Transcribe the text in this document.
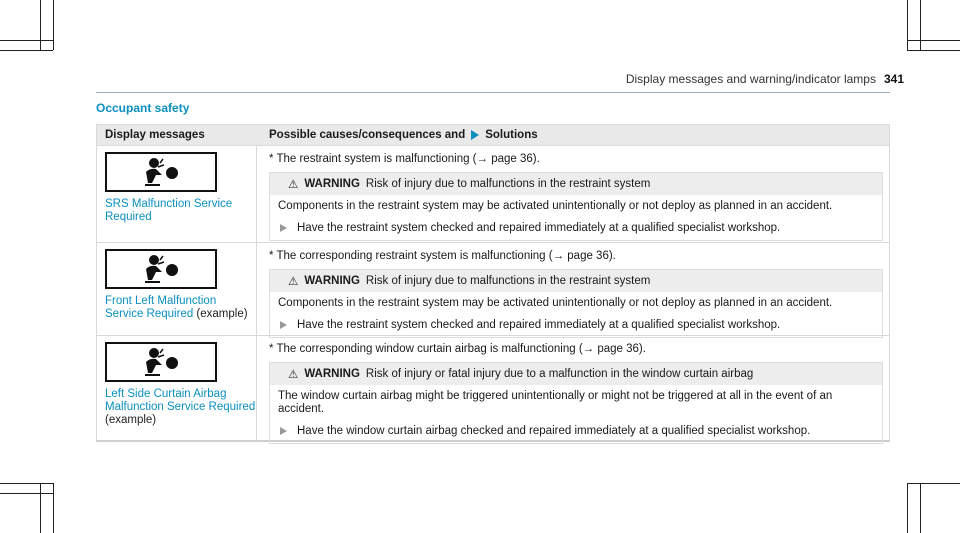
Display messages and warning/indicator lamps 341
Occupant safety
Display messages	Possible causes/consequences and Solutions
SRS Malfunction Service Required
* The restraint system is malfunctioning (→ page 36).
⚠ WARNING Risk of injury due to malfunctions in the restraint system
Components in the restraint system may be activated unintentionally or not deploy as planned in an accident.
Have the restraint system checked and repaired immediately at a qualified specialist workshop.
Front Left Malfunction Service Required (example)
* The corresponding restraint system is malfunctioning (→ page 36).
⚠ WARNING Risk of injury due to malfunctions in the restraint system
Components in the restraint system may be activated unintentionally or not deploy as planned in an accident.
Have the restraint system checked and repaired immediately at a qualified specialist workshop.
Left Side Curtain Airbag Malfunction Service Required (example)
* The corresponding window curtain airbag is malfunctioning (→ page 36).
⚠ WARNING Risk of injury or fatal injury due to a malfunction in the window curtain airbag
The window curtain airbag might be triggered unintentionally or might not be triggered at all in the event of an accident.
Have the window curtain airbag checked and repaired immediately at a qualified specialist workshop.
